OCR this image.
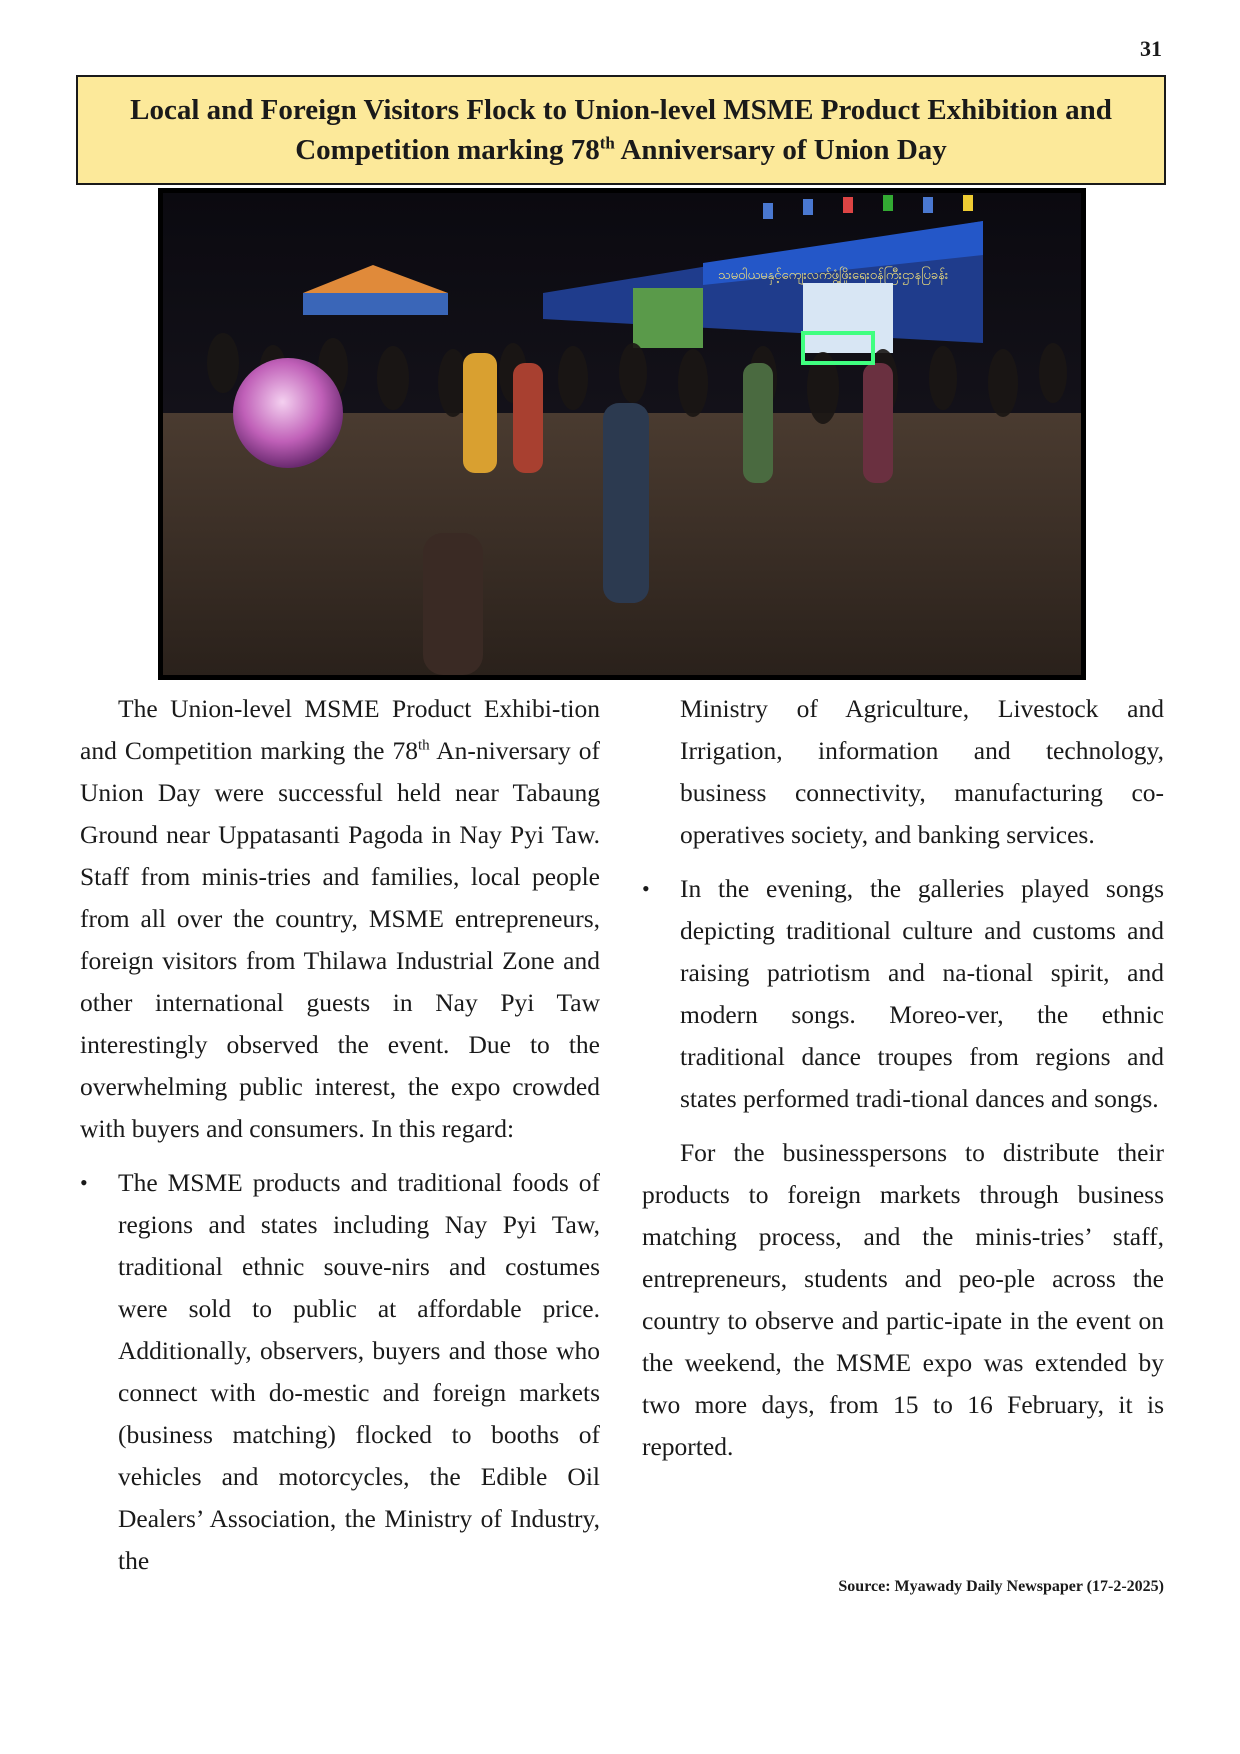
31
Local and Foreign Visitors Flock to Union-level MSME Product Exhibition and
Competition marking 78th Anniversary of Union Day
သမဝါယမနှင့်ကျေးလက်ဖွံ့ဖြိုးရေးဝန်ကြီးဌာနပြခန်း

The Union-level MSME Product Exhibi-tion and Competition marking the 78th An-niversary of Union Day were successful held near Tabaung Ground near Uppatasanti Pagoda in Nay Pyi Taw. Staff from minis-tries and families, local people from all over the country, MSME entrepreneurs, foreign visitors from Thilawa Industrial Zone and other international guests in Nay Pyi Taw interestingly observed the event. Due to the overwhelming public interest, the expo crowded with buyers and consumers. In this regard:

•	The MSME products and traditional foods of regions and states including Nay Pyi Taw, traditional ethnic souve-nirs and costumes were sold to public at affordable price. Additionally, observers, buyers and those who connect with do-mestic and foreign markets (business matching) flocked to booths of vehicles and motorcycles, the Edible Oil Dealers’ Association, the Ministry of Industry, the

Ministry of Agriculture, Livestock and Irrigation, information and technology, business connectivity, manufacturing co-operatives society, and banking services.

•	In the evening, the galleries played songs depicting traditional culture and customs and raising patriotism and na-tional spirit, and modern songs. Moreo-ver, the ethnic traditional dance troupes from regions and states performed tradi-tional dances and songs.

For the businesspersons to distribute their products to foreign markets through business matching process, and the minis-tries’ staff, entrepreneurs, students and peo-ple across the country to observe and partic-ipate in the event on the weekend, the MSME expo was extended by two more days, from 15 to 16 February, it is reported.

Source: Myawady Daily Newspaper (17-2-2025)
